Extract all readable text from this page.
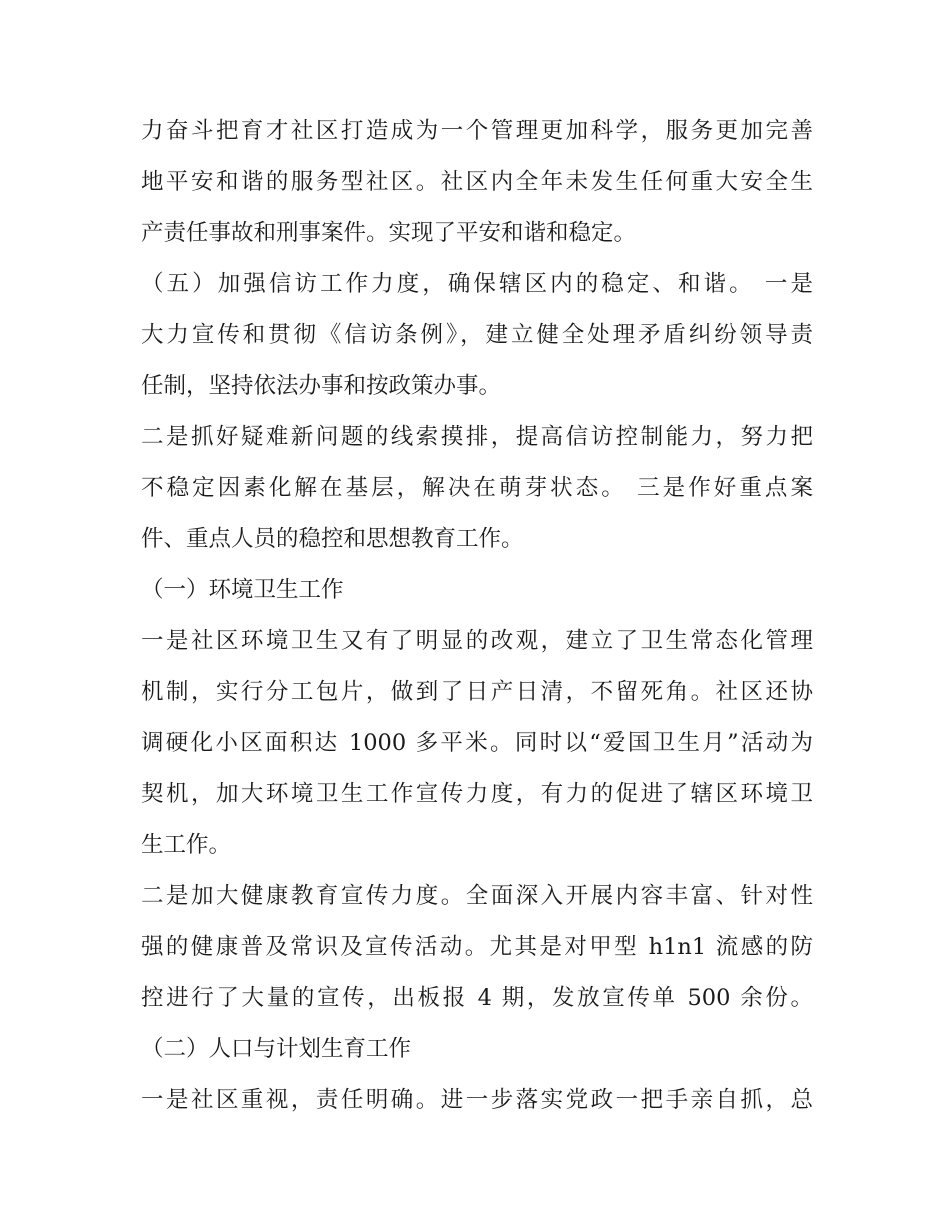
力奋斗把育才社区打造成为一个管理更加科学，服务更加完善
地平安和谐的服务型社区。社区内全年未发生任何重大安全生
产责任事故和刑事案件。实现了平安和谐和稳定。
（五）加强信访工作力度，确保辖区内的稳定、和谐。 一是
大力宣传和贯彻《信访条例》，建立健全处理矛盾纠纷领导责
任制，坚持依法办事和按政策办事。
二是抓好疑难新问题的线索摸排，提高信访控制能力，努力把
不稳定因素化解在基层，解决在萌芽状态。 三是作好重点案
件、重点人员的稳控和思想教育工作。
（一）环境卫生工作
一是社区环境卫生又有了明显的改观，建立了卫生常态化管理
机制，实行分工包片，做到了日产日清，不留死角。社区还协
调硬化小区面积达 1000 多平米。同时以“爱国卫生月”活动为
契机，加大环境卫生工作宣传力度，有力的促进了辖区环境卫
生工作。
二是加大健康教育宣传力度。全面深入开展内容丰富、针对性
强的健康普及常识及宣传活动。尤其是对甲型 h1n1 流感的防
控进行了大量的宣传，出板报 4 期，发放宣传单 500 余份。
（二）人口与计划生育工作
一是社区重视，责任明确。进一步落实党政一把手亲自抓，总
